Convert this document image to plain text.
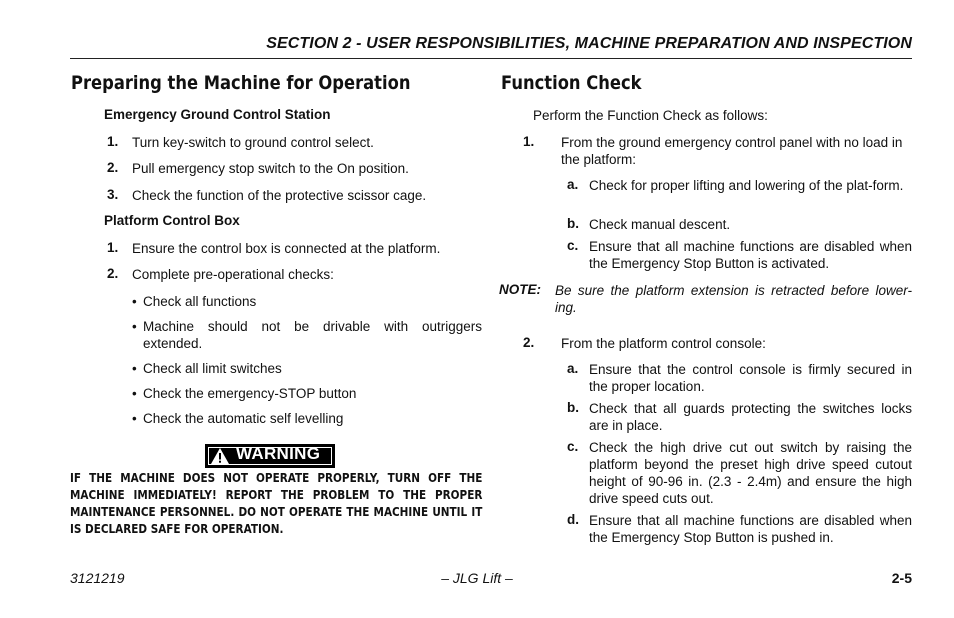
SECTION 2 - USER RESPONSIBILITIES, MACHINE PREPARATION AND INSPECTION
Preparing the Machine for Operation
Emergency Ground Control Station
1. Turn key-switch to ground control select.
2. Pull emergency stop switch to the On position.
3. Check the function of the protective scissor cage.
Platform Control Box
1. Ensure the control box is connected at the platform.
2. Complete pre-operational checks:
• Check all functions
• Machine should not be drivable with outriggers extended.
• Check all limit switches
• Check the emergency-STOP button
• Check the automatic self levelling
WARNING
IF THE MACHINE DOES NOT OPERATE PROPERLY, TURN OFF THE MACHINE IMMEDIATELY! REPORT THE PROBLEM TO THE PROPER MAINTENANCE PERSONNEL. DO NOT OPERATE THE MACHINE UNTIL IT IS DECLARED SAFE FOR OPERATION.
Function Check
Perform the Function Check as follows:
1. From the ground emergency control panel with no load in the platform:
a. Check for proper lifting and lowering of the plat-form.
b. Check manual descent.
c. Ensure that all machine functions are disabled when the Emergency Stop Button is activated.
NOTE: Be sure the platform extension is retracted before lower-ing.
2. From the platform control console:
a. Ensure that the control console is firmly secured in the proper location.
b. Check that all guards protecting the switches locks are in place.
c. Check the high drive cut out switch by raising the platform beyond the preset high drive speed cutout height of 90-96 in. (2.3 - 2.4m) and ensure the high drive speed cuts out.
d. Ensure that all machine functions are disabled when the Emergency Stop Button is pushed in.
3121219	– JLG Lift –	2-5
